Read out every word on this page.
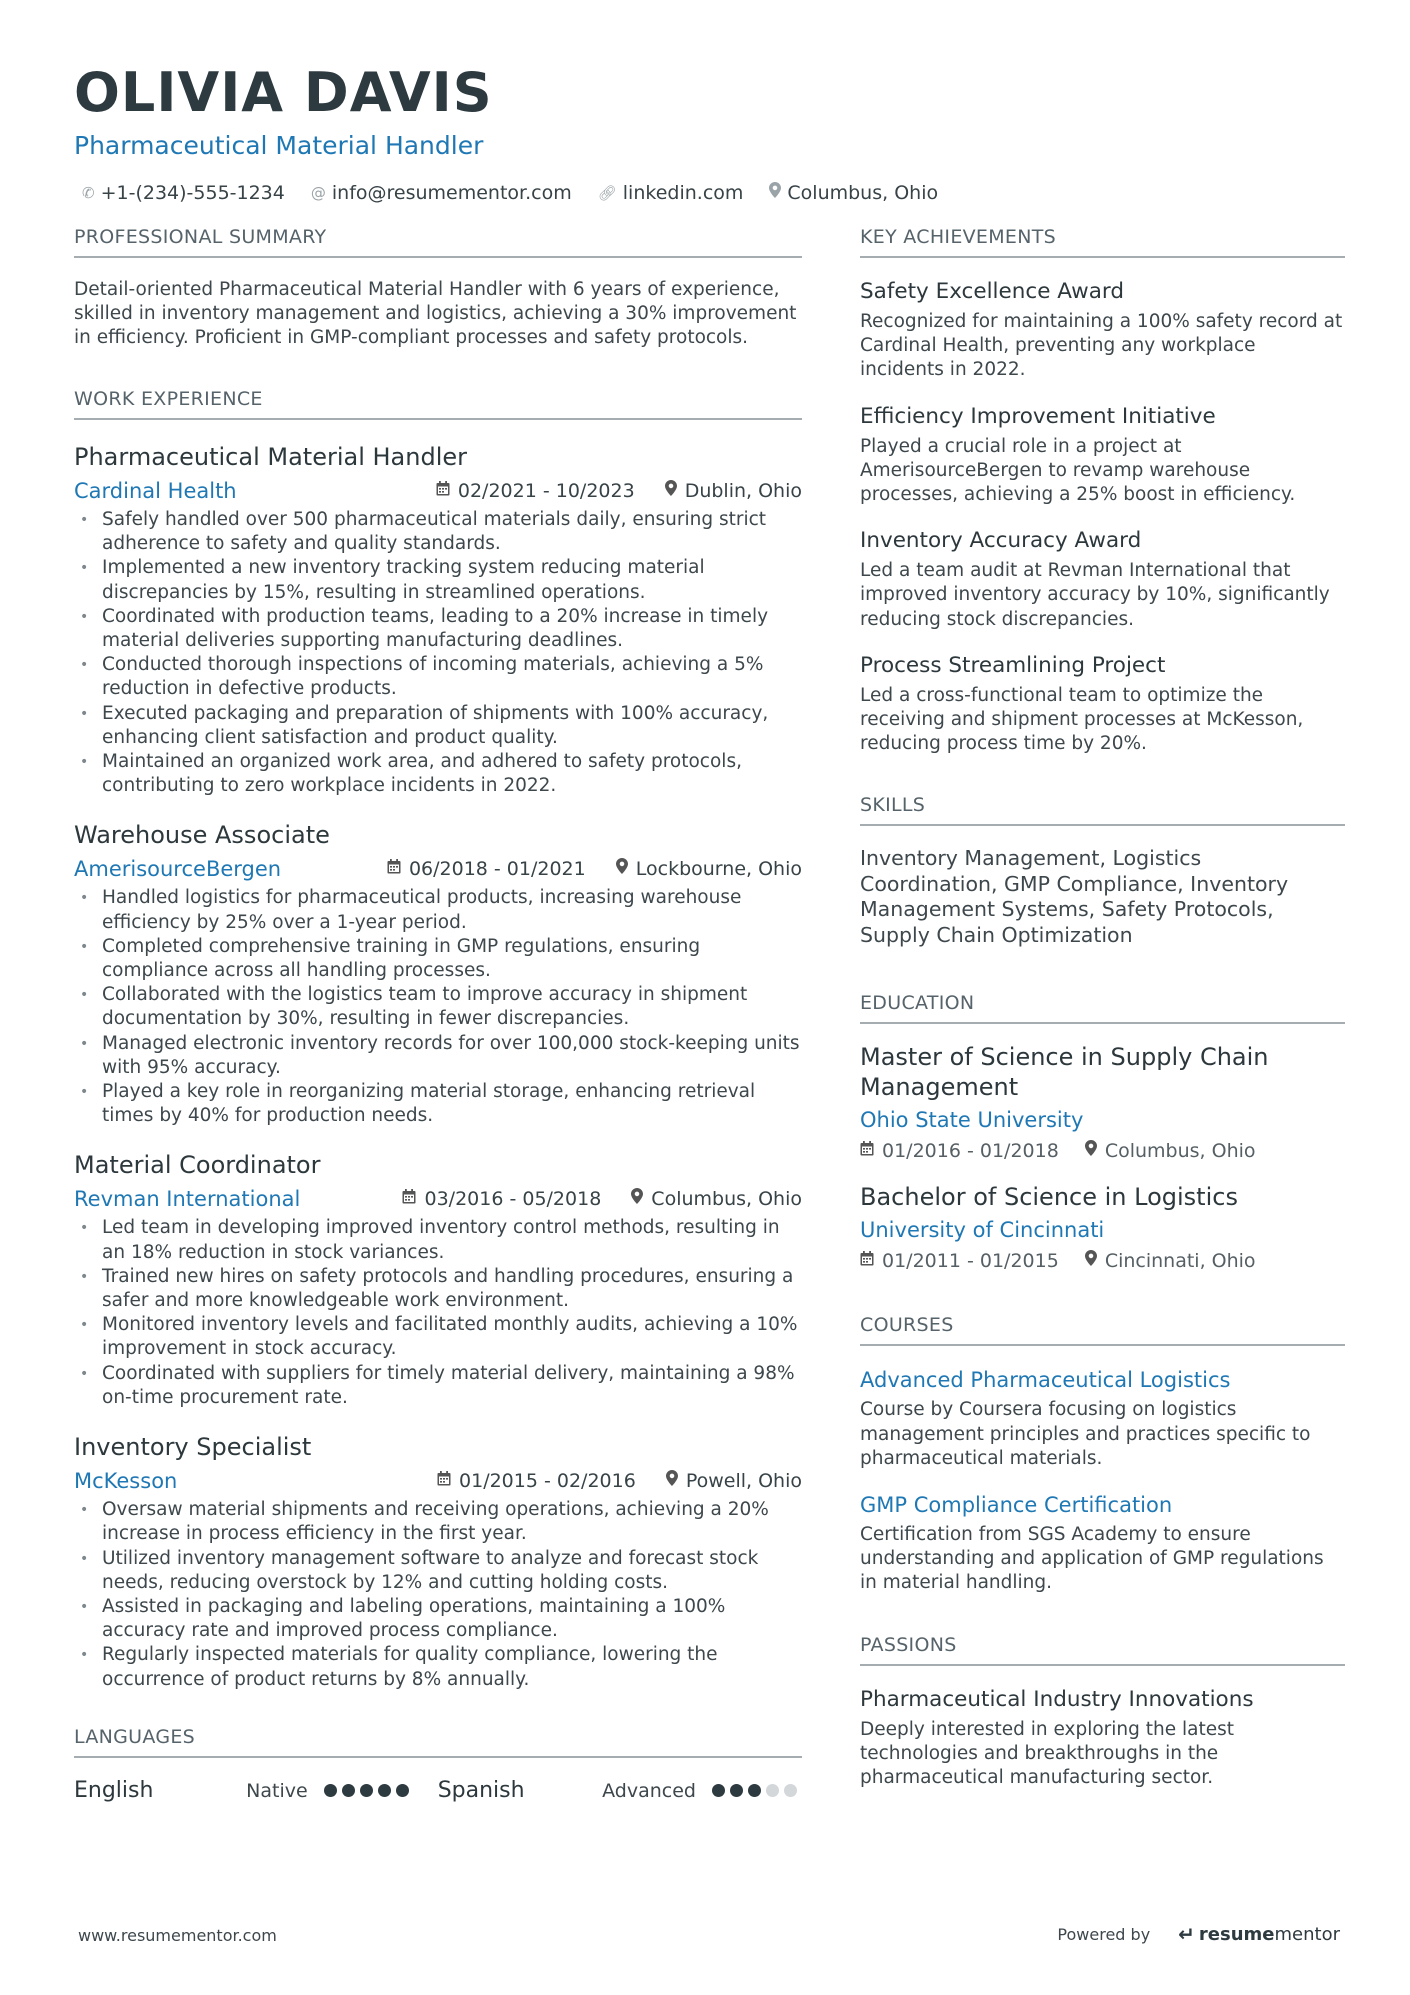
OLIVIA DAVIS
Pharmaceutical Material Handler
✆ +1-(234)-555-1234 @ info@resumementor.com 🔗︎ linkedin.com Columbus, Ohio
PROFESSIONAL SUMMARY
Detail-oriented Pharmaceutical Material Handler with 6 years of experience, skilled in inventory management and logistics, achieving a 30% improvement in efficiency. Proficient in GMP-compliant processes and safety protocols.
WORK EXPERIENCE
Pharmaceutical Material Handler
Cardinal Health	02/2021 - 10/2023	Dublin, Ohio
• Safely handled over 500 pharmaceutical materials daily, ensuring strict adherence to safety and quality standards.
• Implemented a new inventory tracking system reducing material discrepancies by 15%, resulting in streamlined operations.
• Coordinated with production teams, leading to a 20% increase in timely material deliveries supporting manufacturing deadlines.
• Conducted thorough inspections of incoming materials, achieving a 5% reduction in defective products.
• Executed packaging and preparation of shipments with 100% accuracy, enhancing client satisfaction and product quality.
• Maintained an organized work area, and adhered to safety protocols, contributing to zero workplace incidents in 2022.
Warehouse Associate
AmerisourceBergen	06/2018 - 01/2021	Lockbourne, Ohio
• Handled logistics for pharmaceutical products, increasing warehouse efficiency by 25% over a 1-year period.
• Completed comprehensive training in GMP regulations, ensuring compliance across all handling processes.
• Collaborated with the logistics team to improve accuracy in shipment documentation by 30%, resulting in fewer discrepancies.
• Managed electronic inventory records for over 100,000 stock-keeping units with 95% accuracy.
• Played a key role in reorganizing material storage, enhancing retrieval times by 40% for production needs.
Material Coordinator
Revman International	03/2016 - 05/2018	Columbus, Ohio
• Led team in developing improved inventory control methods, resulting in an 18% reduction in stock variances.
• Trained new hires on safety protocols and handling procedures, ensuring a safer and more knowledgeable work environment.
• Monitored inventory levels and facilitated monthly audits, achieving a 10% improvement in stock accuracy.
• Coordinated with suppliers for timely material delivery, maintaining a 98% on-time procurement rate.
Inventory Specialist
McKesson	01/2015 - 02/2016	Powell, Ohio
• Oversaw material shipments and receiving operations, achieving a 20% increase in process efficiency in the first year.
• Utilized inventory management software to analyze and forecast stock needs, reducing overstock by 12% and cutting holding costs.
• Assisted in packaging and labeling operations, maintaining a 100% accuracy rate and improved process compliance.
• Regularly inspected materials for quality compliance, lowering the occurrence of product returns by 8% annually.
LANGUAGES
English	Native	Spanish	Advanced
KEY ACHIEVEMENTS
Safety Excellence Award
Recognized for maintaining a 100% safety record at Cardinal Health, preventing any workplace incidents in 2022.
Efficiency Improvement Initiative
Played a crucial role in a project at AmerisourceBergen to revamp warehouse processes, achieving a 25% boost in efficiency.
Inventory Accuracy Award
Led a team audit at Revman International that improved inventory accuracy by 10%, significantly reducing stock discrepancies.
Process Streamlining Project
Led a cross-functional team to optimize the receiving and shipment processes at McKesson, reducing process time by 20%.
SKILLS
Inventory Management, Logistics Coordination, GMP Compliance, Inventory Management Systems, Safety Protocols, Supply Chain Optimization
EDUCATION
Master of Science in Supply Chain Management
Ohio State University
01/2016 - 01/2018 Columbus, Ohio
Bachelor of Science in Logistics
University of Cincinnati
01/2011 - 01/2015 Cincinnati, Ohio
COURSES
Advanced Pharmaceutical Logistics
Course by Coursera focusing on logistics management principles and practices specific to pharmaceutical materials.
GMP Compliance Certification
Certification from SGS Academy to ensure understanding and application of GMP regulations in material handling.
PASSIONS
Pharmaceutical Industry Innovations
Deeply interested in exploring the latest technologies and breakthroughs in the pharmaceutical manufacturing sector.
www.resumementor.com	Powered by ↵ resume mentor
